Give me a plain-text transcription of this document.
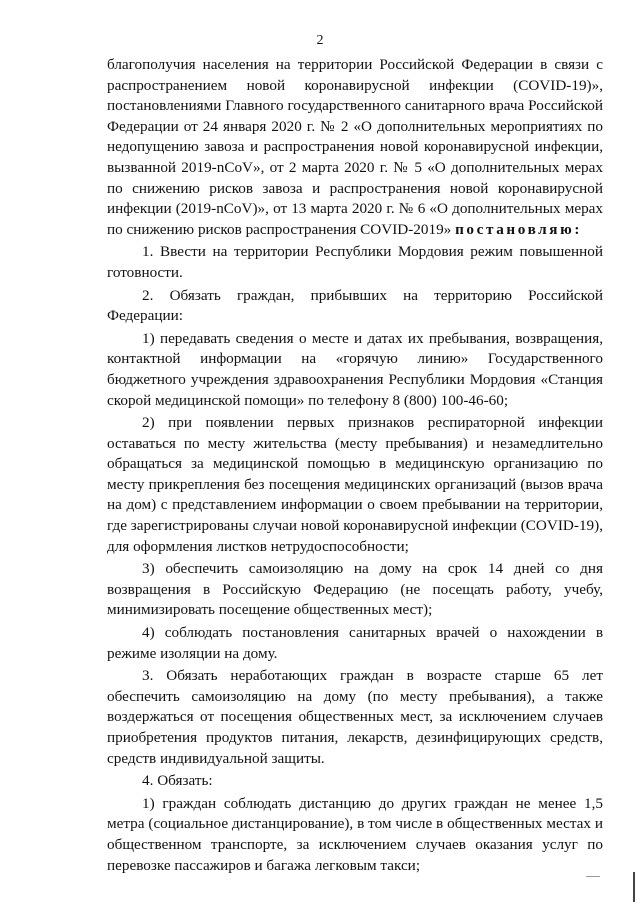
2

благополучия населения на территории Российской Федерации в связи с распространением новой коронавирусной инфекции (COVID-19)», постановлениями Главного государственного санитарного врача Российской Федерации от 24 января 2020 г. № 2 «О дополнительных мероприятиях по недопущению завоза и распространения новой коронавирусной инфекции, вызванной 2019-nCoV», от 2 марта 2020 г. № 5 «О дополнительных мерах по снижению рисков завоза и распространения новой коронавирусной инфекции (2019-nCoV)», от 13 марта 2020 г. № 6 «О дополнительных мерах по снижению рисков распространения COVID-2019» постановляю:

1. Ввести на территории Республики Мордовия режим повышенной готовности.

2. Обязать граждан, прибывших на территорию Российской Федерации:

1) передавать сведения о месте и датах их пребывания, возвращения, контактной информации на «горячую линию» Государственного бюджетного учреждения здравоохранения Республики Мордовия «Станция скорой медицинской помощи» по телефону 8 (800) 100-46-60;

2) при появлении первых признаков респираторной инфекции оставаться по месту жительства (месту пребывания) и незамедлительно обращаться за медицинской помощью в медицинскую организацию по месту прикрепления без посещения медицинских организаций (вызов врача на дом) с представлением информации о своем пребывании на территории, где зарегистрированы случаи новой коронавирусной инфекции (COVID-19), для оформления листков нетрудоспособности;

3) обеспечить самоизоляцию на дому на срок 14 дней со дня возвращения в Российскую Федерацию (не посещать работу, учебу, минимизировать посещение общественных мест);

4) соблюдать постановления санитарных врачей о нахождении в режиме изоляции на дому.

3. Обязать неработающих граждан в возрасте старше 65 лет обеспечить самоизоляцию на дому (по месту пребывания), а также воздержаться от посещения общественных мест, за исключением случаев приобретения продуктов питания, лекарств, дезинфицирующих средств, средств индивидуальной защиты.

4. Обязать:

1) граждан соблюдать дистанцию до других граждан не менее 1,5 метра (социальное дистанцирование), в том числе в общественных местах и общественном транспорте, за исключением случаев оказания услуг по перевозке пассажиров и багажа легковым такси;
